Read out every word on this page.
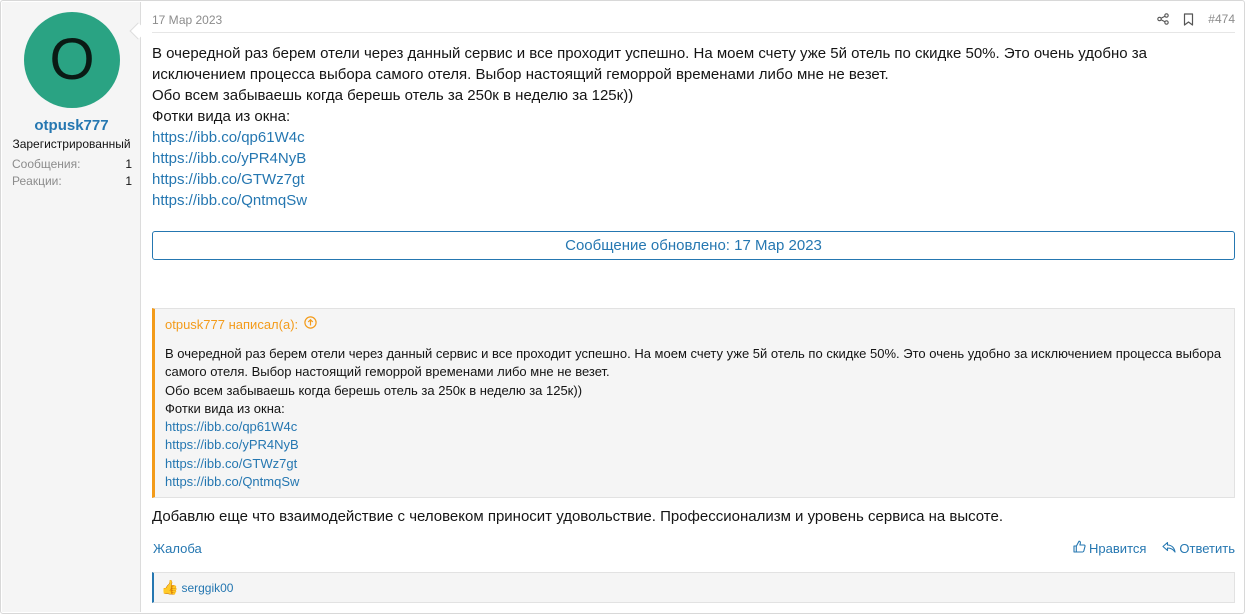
O
otpusk777
Зарегистрированный
Сообщения:	1
Реакции:	1
17 Мар 2023	#474
В очередной раз берем отели через данный сервис и все проходит успешно. На моем счету уже 5й отель по скидке 50%. Это очень удобно за исключением процесса выбора самого отеля. Выбор настоящий геморрой временами либо мне не везет.
Обо всем забываешь когда берешь отель за 250к в неделю за 125к))
Фотки вида из окна:
https://ibb.co/qp61W4c
https://ibb.co/yPR4NyB
https://ibb.co/GTWz7gt
https://ibb.co/QntmqSw
Сообщение обновлено: 17 Мар 2023
otpusk777 написал(а):
В очередной раз берем отели через данный сервис и все проходит успешно. На моем счету уже 5й отель по скидке 50%. Это очень удобно за исключением процесса выбора самого отеля. Выбор настоящий геморрой временами либо мне не везет.
Обо всем забываешь когда берешь отель за 250к в неделю за 125к))
Фотки вида из окна:
https://ibb.co/qp61W4c
https://ibb.co/yPR4NyB
https://ibb.co/GTWz7gt
https://ibb.co/QntmqSw
Добавлю еще что взаимодействие с человеком приносит удовольствие. Профессионализм и уровень сервиса на высоте.
Жалоба	Нравится	Ответить
👍 serggik00
